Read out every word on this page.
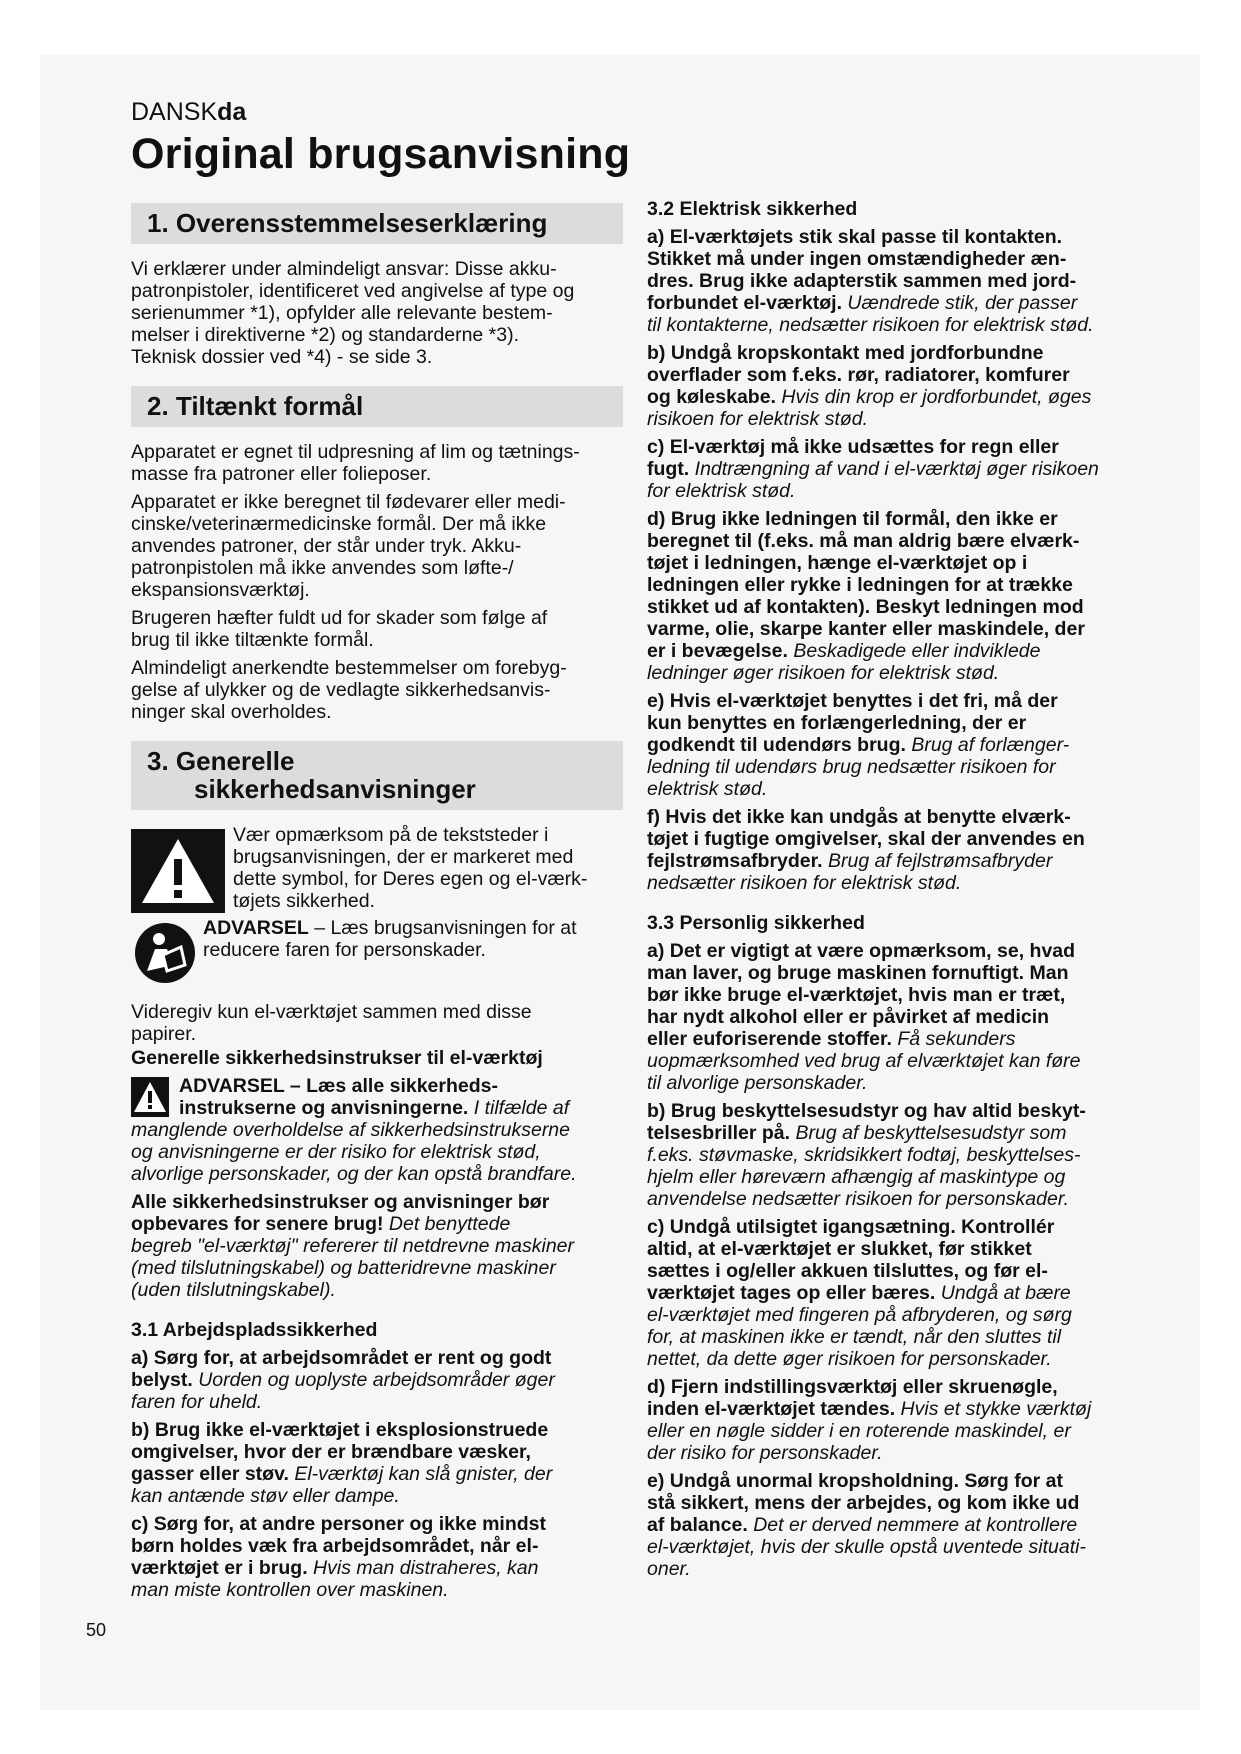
DANSKda
Original brugsanvisning
1. Overensstemmelseserklæring

Vi erklærer under almindeligt ansvar: Disse akku-
patronpistoler, identificeret ved angivelse af type og
serienummer *1), opfylder alle relevante bestem-
melser i direktiverne *2) og standarderne *3).
Teknisk dossier ved *4) - se side 3.

2. Tiltænkt formål

Apparatet er egnet til udpresning af lim og tætnings-
masse fra patroner eller folieposer.

Apparatet er ikke beregnet til fødevarer eller medi-
cinske/veterinærmedicinske formål. Der må ikke
anvendes patroner, der står under tryk. Akku-
patronpistolen må ikke anvendes som løfte-/
ekspansionsværktøj.

Brugeren hæfter fuldt ud for skader som følge af
brug til ikke tiltænkte formål.

Almindeligt anerkendte bestemmelser om forebyg-
gelse af ulykker og de vedlagte sikkerhedsanvis-
ninger skal overholdes.

3. Generelle
sikkerhedsanvisninger

Vær opmærksom på de tekststeder i
brugsanvisningen, der er markeret med
dette symbol, for Deres egen og el-værk-
tøjets sikkerhed.

ADVARSEL – Læs brugsanvisningen for at
reducere faren for personskader.

Videregiv kun el-værktøjet sammen med disse
papirer.

Generelle sikkerhedsinstrukser til el-værktøj

ADVARSEL – Læs alle sikkerheds-
instrukserne og anvisningerne. I tilfælde af

manglende overholdelse af sikkerhedsinstrukserne
og anvisningerne er der risiko for elektrisk stød,
alvorlige personskader, og der kan opstå brandfare.

Alle sikkerhedsinstrukser og anvisninger bør
opbevares for senere brug! Det benyttede
begreb "el-værktøj" refererer til netdrevne maskiner
(med tilslutningskabel) og batteridrevne maskiner
(uden tilslutningskabel).

3.1 Arbejdspladssikkerhed

a) Sørg for, at arbejdsområdet er rent og godt
belyst. Uorden og uoplyste arbejdsområder øger
faren for uheld.

b) Brug ikke el-værktøjet i eksplosionstruede
omgivelser, hvor der er brændbare væsker,
gasser eller støv. El-værktøj kan slå gnister, der
kan antænde støv eller dampe.

c) Sørg for, at andre personer og ikke mindst
børn holdes væk fra arbejdsområdet, når el-
værktøjet er i brug. Hvis man distraheres, kan
man miste kontrollen over maskinen.

3.2 Elektrisk sikkerhed

a) El-værktøjets stik skal passe til kontakten.
Stikket må under ingen omstændigheder æn-
dres. Brug ikke adapterstik sammen med jord-
forbundet el-værktøj. Uændrede stik, der passer
til kontakterne, nedsætter risikoen for elektrisk stød.

b) Undgå kropskontakt med jordforbundne
overflader som f.eks. rør, radiatorer, komfurer
og køleskabe. Hvis din krop er jordforbundet, øges
risikoen for elektrisk stød.

c) El-værktøj må ikke udsættes for regn eller
fugt. Indtrængning af vand i el-værktøj øger risikoen
for elektrisk stød.

d) Brug ikke ledningen til formål, den ikke er
beregnet til (f.eks. må man aldrig bære elværk-
tøjet i ledningen, hænge el-værktøjet op i
ledningen eller rykke i ledningen for at trække
stikket ud af kontakten). Beskyt ledningen mod
varme, olie, skarpe kanter eller maskindele, der
er i bevægelse. Beskadigede eller indviklede
ledninger øger risikoen for elektrisk stød.

e) Hvis el-værktøjet benyttes i det fri, må der
kun benyttes en forlængerledning, der er
godkendt til udendørs brug. Brug af forlænger-
ledning til udendørs brug nedsætter risikoen for
elektrisk stød.

f) Hvis det ikke kan undgås at benytte elværk-
tøjet i fugtige omgivelser, skal der anvendes en
fejlstrømsafbryder. Brug af fejlstrømsafbryder
nedsætter risikoen for elektrisk stød.

3.3 Personlig sikkerhed

a) Det er vigtigt at være opmærksom, se, hvad
man laver, og bruge maskinen fornuftigt. Man
bør ikke bruge el-værktøjet, hvis man er træt,
har nydt alkohol eller er påvirket af medicin
eller euforiserende stoffer. Få sekunders
uopmærksomhed ved brug af elværktøjet kan føre
til alvorlige personskader.

b) Brug beskyttelsesudstyr og hav altid beskyt-
telsesbriller på. Brug af beskyttelsesudstyr som
f.eks. støvmaske, skridsikkert fodtøj, beskyttelses-
hjelm eller høreværn afhængig af maskintype og
anvendelse nedsætter risikoen for personskader.

c) Undgå utilsigtet igangsætning. Kontrollér
altid, at el-værktøjet er slukket, før stikket
sættes i og/eller akkuen tilsluttes, og før el-
værktøjet tages op eller bæres. Undgå at bære
el-værktøjet med fingeren på afbryderen, og sørg
for, at maskinen ikke er tændt, når den sluttes til
nettet, da dette øger risikoen for personskader.

d) Fjern indstillingsværktøj eller skruenøgle,
inden el-værktøjet tændes. Hvis et stykke værktøj
eller en nøgle sidder i en roterende maskindel, er
der risiko for personskader.

e) Undgå unormal kropsholdning. Sørg for at
stå sikkert, mens der arbejdes, og kom ikke ud
af balance. Det er derved nemmere at kontrollere
el-værktøjet, hvis der skulle opstå uventede situati-
oner.

50
